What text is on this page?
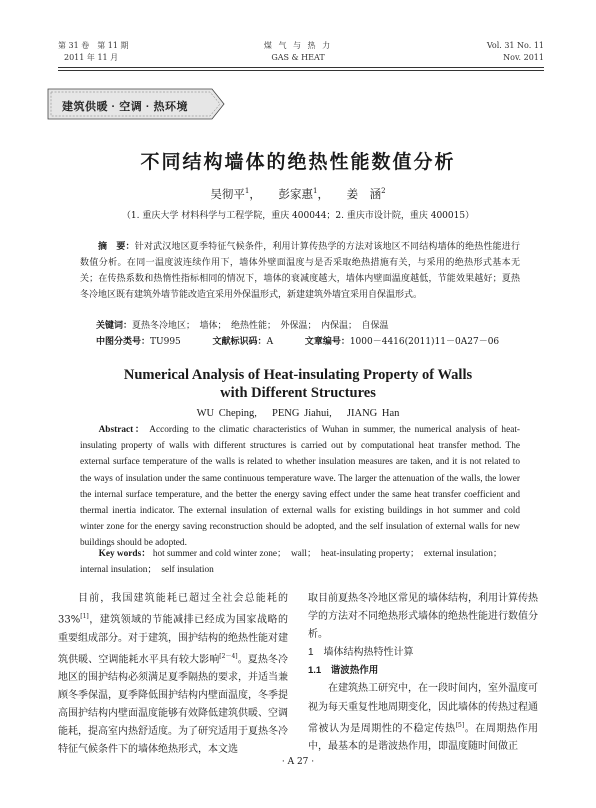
第 31 卷　第 11 期
2011 年 11 月
煤 气 与 热 力
GAS & HEAT
Vol. 31 No. 11
Nov. 2011
建筑供暖 · 空调 · 热环境
不同结构墙体的绝热性能数值分析
吴彻平$^1$， 彭家惠$^1$， 姜　涵$^2$
（1. 重庆大学 材料科学与工程学院，重庆 400044；2. 重庆市设计院，重庆 400015）
摘　要：针对武汉地区夏季特征气候条件，利用计算传热学的方法对该地区不同结构墙体的绝热性能进行数值分析。在同一温度波连续作用下，墙体外壁面温度与是否采取绝热措施有关，与采用的绝热形式基本无关；在传热系数和热惰性指标相同的情况下，墙体的衰减度越大，墙体内壁面温度越低，节能效果越好；夏热冬冷地区既有建筑外墙节能改造宜采用外保温形式，新建建筑外墙宜采用自保温形式。
关键词：夏热冬冷地区；　墙体；　绝热性能；　外保温；　内保温；　自保温
中图分类号：TU995	文献标识码：A	文章编号：1000－4416(2011)11－0A27－06
Numerical Analysis of Heat-insulating Property of Walls
with Different Structures
WU Cheping,　 PENG Jiahui,　 JIANG Han
Abstract： According to the climatic characteristics of Wuhan in summer, the numerical analysis of heat-insulating property of walls with different structures is carried out by computational heat transfer method. The external surface temperature of the walls is related to whether insulation measures are taken, and it is not related to the ways of insulation under the same continuous temperature wave. The larger the attenuation of the walls, the lower the internal surface temperature, and the better the energy saving effect under the same heat transfer coefficient and thermal inertia indicator. The external insulation of external walls for existing buildings in hot summer and cold winter zone for the energy saving reconstruction should be adopted, and the self insulation of external walls for new buildings should be adopted.
Key words： hot summer and cold winter zone；　wall；　heat-insulating property；　external insulation；　internal insulation；　self insulation

目前，我国建筑能耗已超过全社会总能耗的 33%[1]，建筑领域的节能减排已经成为国家战略的重要组成部分。对于建筑，围护结构的绝热性能对建筑供暖、空调能耗水平具有较大影响[2－4]。夏热冬冷地区的围护结构必须满足夏季隔热的要求，并适当兼顾冬季保温，夏季降低围护结构内壁面温度，冬季提高围护结构内壁面温度能够有效降低建筑供暖、空调能耗，提高室内热舒适度。为了研究适用于夏热冬冷特征气候条件下的墙体绝热形式，本文选

取目前夏热冬冷地区常见的墙体结构，利用计算传热学的方法对不同绝热形式墙体的绝热性能进行数值分析。

1　墙体结构热特性计算

1.1　谐波热作用

在建筑热工研究中，在一段时间内，室外温度可视为每天重复性地周期变化，因此墙体的传热过程通常被认为是周期性的不稳定传热[5]。在周期热作用中，最基本的是谐波热作用，即温度随时间做正

· A 27 ·
